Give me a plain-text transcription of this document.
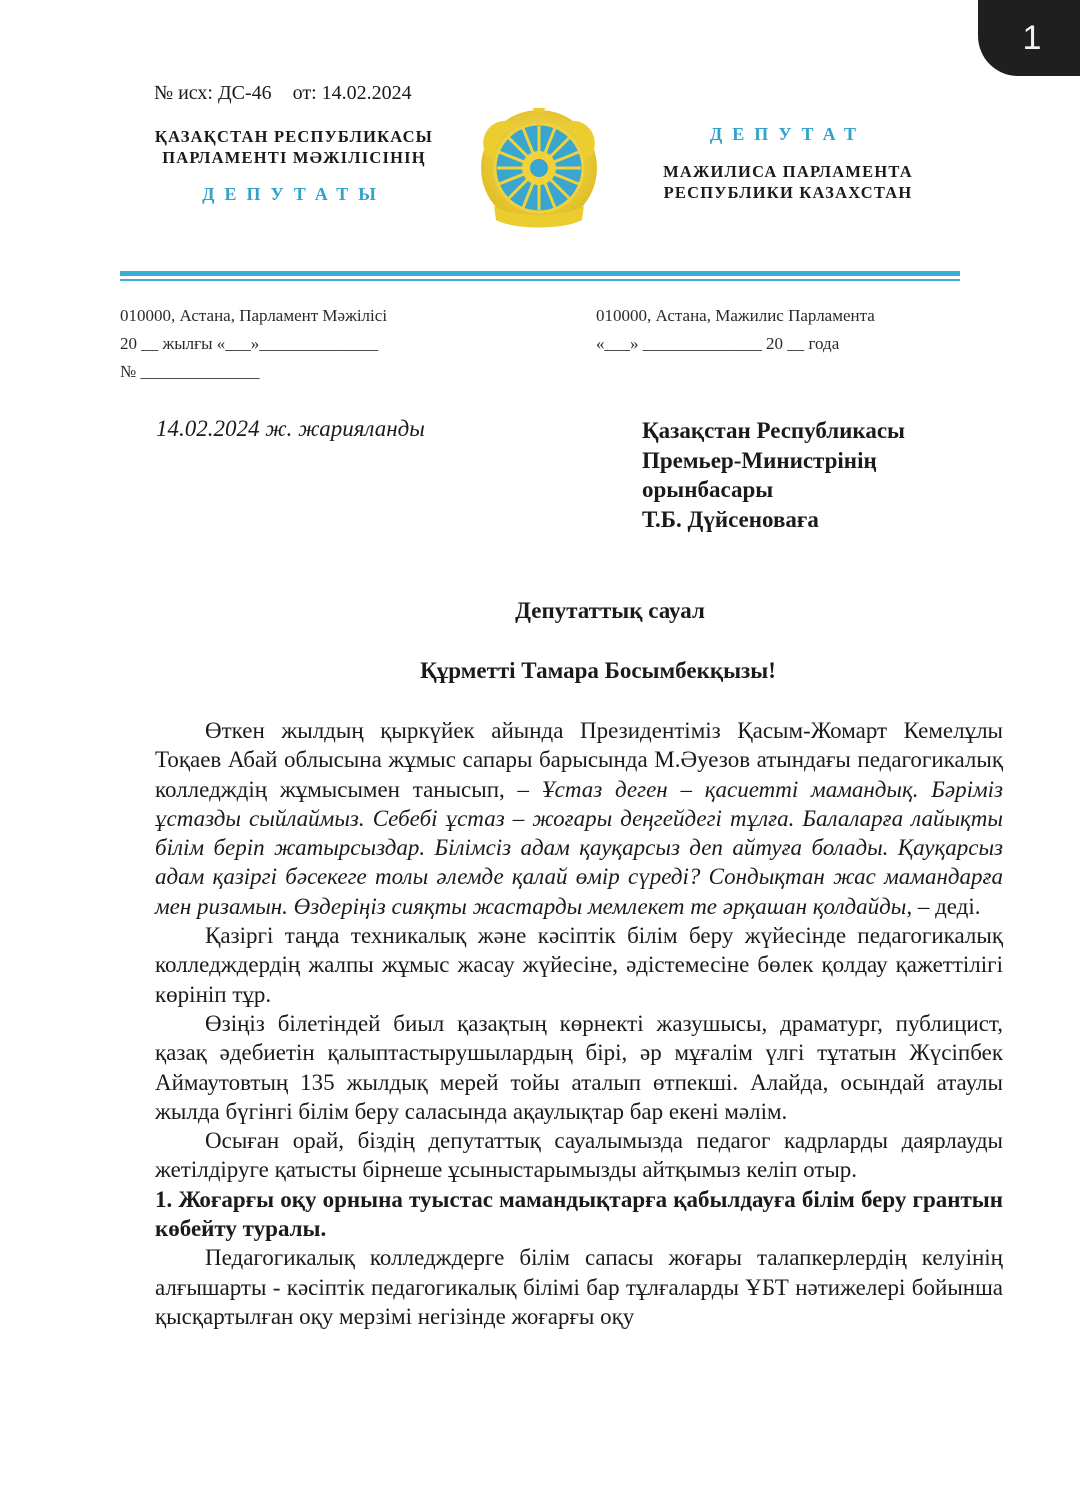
1
№ исх: ДС-46 от: 14.02.2024
ҚАЗАҚСТАН РЕСПУБЛИКАСЫ
ПАРЛАМЕНТІ МӘЖІЛІСІНІҢ
ДЕПУТАТЫ
ДЕПУТАТ
МАЖИЛИСА ПАРЛАМЕНТА
РЕСПУБЛИКИ КАЗАХСТАН
010000, Астана, Парламент Мәжілісі
20 __ жылғы «___»______________
№ ______________
010000, Астана, Мажилис Парламента
«___» ______________ 20 __ года
14.02.2024 ж. жарияланды	Қазақстан Республикасы
Премьер-Министрінің
орынбасары
Т.Б. Дүйсеноваға
Депутаттық сауал
Құрметті Тамара Босымбекқызы!

Өткен жылдың қыркүйек айында Президентіміз Қасым-Жомарт Кемелұлы Тоқаев Абай облысына жұмыс сапары барысында М.Әуезов атындағы педагогикалық колледждің жұмысымен танысып, – Ұстаз деген – қасиетті мамандық. Бәріміз ұстазды сыйлаймыз. Себебі ұстаз – жоғары деңгейдегі тұлға. Балаларға лайықты білім беріп жатырсыздар. Білімсіз адам қауқарсыз деп айтуға болады. Қауқарсыз адам қазіргі бәсекеге толы әлемде қалай өмір сүреді? Сондықтан жас мамандарға мен ризамын. Өздеріңіз сияқты жастарды мемлекет те әрқашан қолдайды, – деді.

Қазіргі таңда техникалық және кәсіптік білім беру жүйесінде педагогикалық колледждердің жалпы жұмыс жасау жүйесіне, әдістемесіне бөлек қолдау қажеттілігі көрініп тұр.

Өзіңіз білетіндей биыл қазақтың көрнекті жазушысы, драматург, публицист, қазақ әдебиетін қалыптастырушылардың бірі, әр мұғалім үлгі тұтатын Жүсіпбек Аймаутовтың 135 жылдық мерей тойы аталып өтпекші. Алайда, осындай атаулы жылда бүгінгі білім беру саласында ақаулықтар бар екені мәлім.

Осыған орай, біздің депутаттық сауалымызда педагог кадрларды даярлауды жетілдіруге қатысты бірнеше ұсыныстарымызды айтқымыз келіп отыр.

1. Жоғарғы оқу орнына туыстас мамандықтарға қабылдауға білім беру грантын көбейту туралы.

Педагогикалық колледждерге білім сапасы жоғары талапкерлердің келуінің алғышарты - кәсіптік педагогикалық білімі бар тұлғаларды ҰБТ нәтижелері бойынша қысқартылған оқу мерзімі негізінде жоғарғы оқу
